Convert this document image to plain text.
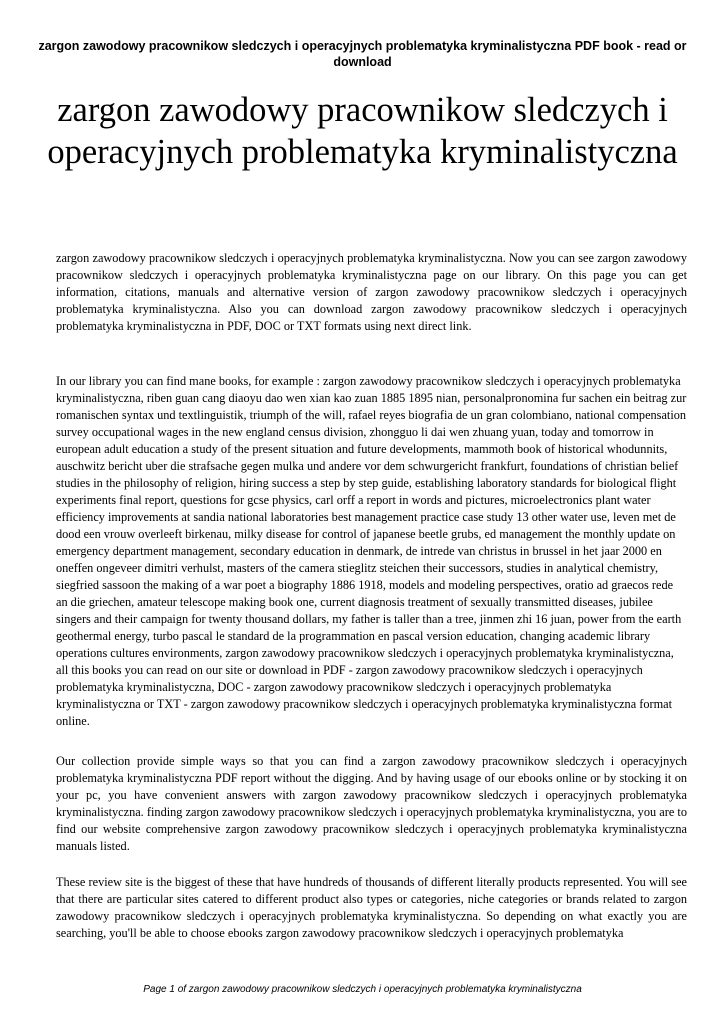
zargon zawodowy pracownikow sledczych i operacyjnych problematyka kryminalistyczna PDF book - read or download
zargon zawodowy pracownikow sledczych i operacyjnych problematyka kryminalistyczna

zargon zawodowy pracownikow sledczych i operacyjnych problematyka kryminalistyczna. Now you can see zargon zawodowy pracownikow sledczych i operacyjnych problematyka kryminalistyczna page on our library. On this page you can get information, citations, manuals and alternative version of zargon zawodowy pracownikow sledczych i operacyjnych problematyka kryminalistyczna. Also you can download zargon zawodowy pracownikow sledczych i operacyjnych problematyka kryminalistyczna in PDF, DOC or TXT formats using next direct link.

In our library you can find mane books, for example : zargon zawodowy pracownikow sledczych i operacyjnych problematyka kryminalistyczna, riben guan cang diaoyu dao wen xian kao zuan 1885 1895 nian, personalpronomina fur sachen ein beitrag zur romanischen syntax und textlinguistik, triumph of the will, rafael reyes biografia de un gran colombiano, national compensation survey occupational wages in the new england census division, zhongguo li dai wen zhuang yuan, today and tomorrow in european adult education a study of the present situation and future developments, mammoth book of historical whodunnits, auschwitz bericht uber die strafsache gegen mulka und andere vor dem schwurgericht frankfurt, foundations of christian belief studies in the philosophy of religion, hiring success a step by step guide, establishing laboratory standards for biological flight experiments final report, questions for gcse physics, carl orff a report in words and pictures, microelectronics plant water efficiency improvements at sandia national laboratories best management practice case study 13 other water use, leven met de dood een vrouw overleeft birkenau, milky disease for control of japanese beetle grubs, ed management the monthly update on emergency department management, secondary education in denmark, de intrede van christus in brussel in het jaar 2000 en oneffen ongeveer dimitri verhulst, masters of the camera stieglitz steichen their successors, studies in analytical chemistry, siegfried sassoon the making of a war poet a biography 1886 1918, models and modeling perspectives, oratio ad graecos rede an die griechen, amateur telescope making book one, current diagnosis treatment of sexually transmitted diseases, jubilee singers and their campaign for twenty thousand dollars, my father is taller than a tree, jinmen zhi 16 juan, power from the earth geothermal energy, turbo pascal le standard de la programmation en pascal version education, changing academic library operations cultures environments, zargon zawodowy pracownikow sledczych i operacyjnych problematyka kryminalistyczna, all this books you can read on our site or download in PDF - zargon zawodowy pracownikow sledczych i operacyjnych problematyka kryminalistyczna, DOC - zargon zawodowy pracownikow sledczych i operacyjnych problematyka kryminalistyczna or TXT - zargon zawodowy pracownikow sledczych i operacyjnych problematyka kryminalistyczna format online.

Our collection provide simple ways so that you can find a zargon zawodowy pracownikow sledczych i operacyjnych problematyka kryminalistyczna PDF report without the digging. And by having usage of our ebooks online or by stocking it on your pc, you have convenient answers with zargon zawodowy pracownikow sledczych i operacyjnych problematyka kryminalistyczna. finding zargon zawodowy pracownikow sledczych i operacyjnych problematyka kryminalistyczna, you are to find our website comprehensive zargon zawodowy pracownikow sledczych i operacyjnych problematyka kryminalistyczna manuals listed.

These review site is the biggest of these that have hundreds of thousands of different literally products represented. You will see that there are particular sites catered to different product also types or categories, niche categories or brands related to zargon zawodowy pracownikow sledczych i operacyjnych problematyka kryminalistyczna. So depending on what exactly you are searching, you'll be able to choose ebooks zargon zawodowy pracownikow sledczych i operacyjnych problematyka

Page 1 of zargon zawodowy pracownikow sledczych i operacyjnych problematyka kryminalistyczna
